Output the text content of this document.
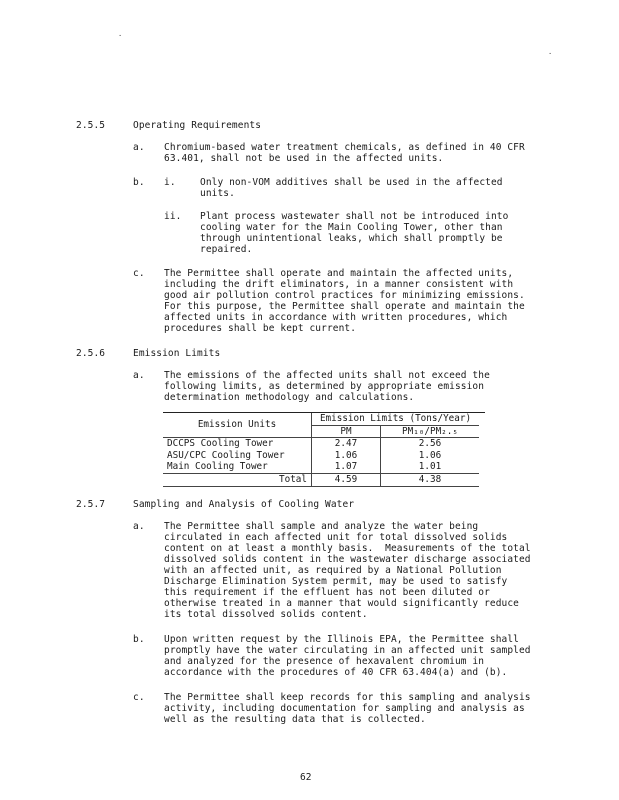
.
.
2.5.5	Operating Requirements
a. Chromium-based water treatment chemicals, as defined in 40 CFR
63.401, shall not be used in the affected units.
b. i.	Only non-VOM additives shall be used in the affected
units.
ii. Plant process wastewater shall not be introduced into
cooling water for the Main Cooling Tower, other than
through unintentional leaks, which shall promptly be
repaired.
c. The Permittee shall operate and maintain the affected units,
including the drift eliminators, in a manner consistent with
good air pollution control practices for minimizing emissions.
For this purpose, the Permittee shall operate and maintain the
affected units in accordance with written procedures, which
procedures shall be kept current.
2.5.6	Emission Limits
a. The emissions of the affected units shall not exceed the
following limits, as determined by appropriate emission
determination methodology and calculations.
Emission Units	Emission Limits (Tons/Year)	
	PM	PM₁₀/PM₂.₅
DCCPS Cooling Tower	2.47	2.56
ASU/CPC Cooling Tower	1.06	1.06
Main Cooling Tower	1.07	1.01
Total	4.59	4.38
2.5.7	Sampling and Analysis of Cooling Water
a. The Permittee shall sample and analyze the water being
circulated in each affected unit for total dissolved solids
content on at least a monthly basis.  Measurements of the total
dissolved solids content in the wastewater discharge associated
with an affected unit, as required by a National Pollution
Discharge Elimination System permit, may be used to satisfy
this requirement if the effluent has not been diluted or
otherwise treated in a manner that would significantly reduce
its total dissolved solids content.
b. Upon written request by the Illinois EPA, the Permittee shall
promptly have the water circulating in an affected unit sampled
and analyzed for the presence of hexavalent chromium in
accordance with the procedures of 40 CFR 63.404(a) and (b).
c. The Permittee shall keep records for this sampling and analysis
activity, including documentation for sampling and analysis as
well as the resulting data that is collected.
62
